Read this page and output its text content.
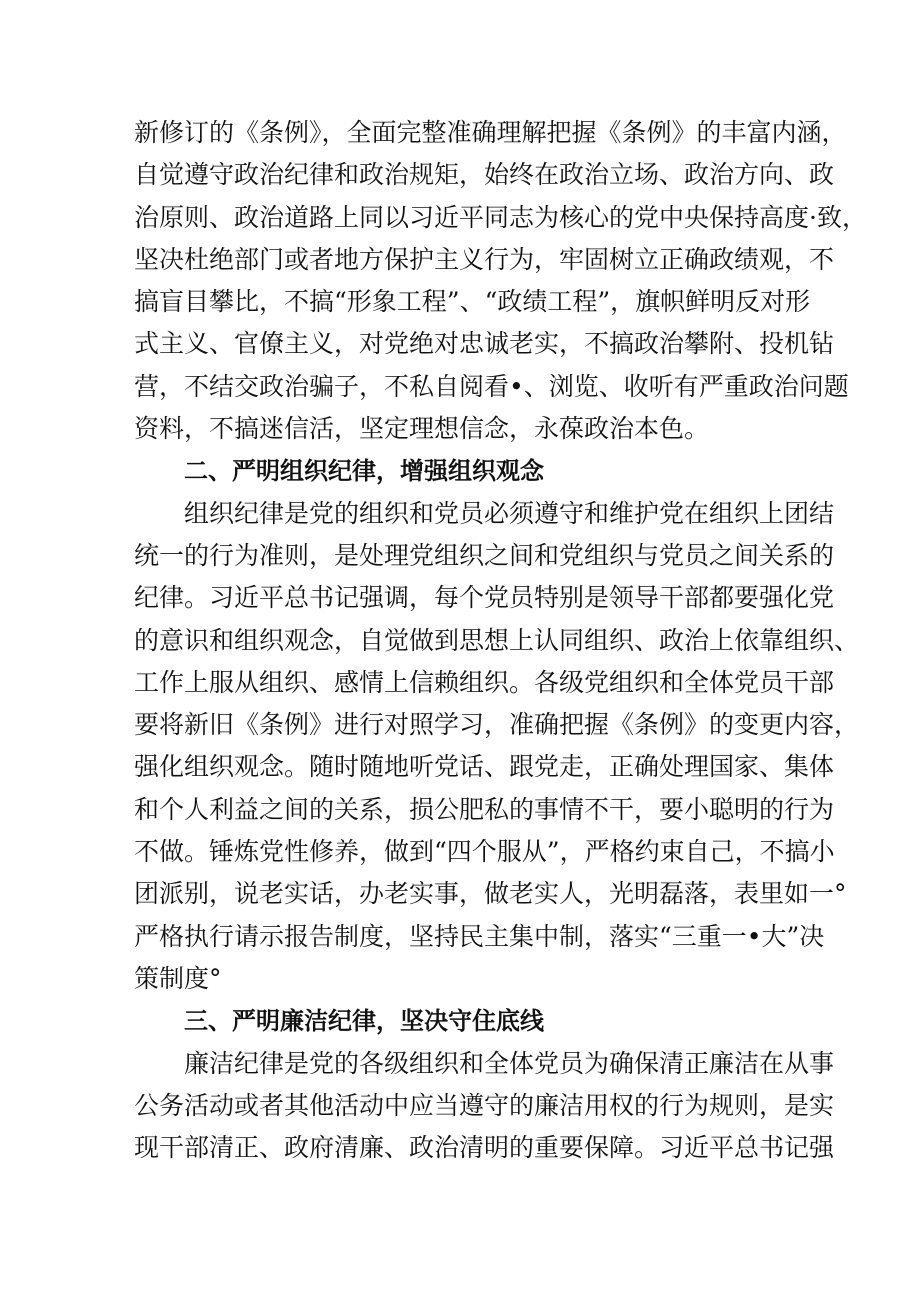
新修订的《条例》，全面完整准确理解把握《条例》的丰富内涵，
自觉遵守政治纪律和政治规矩，始终在政治立场、政治方向、政
治原则、政治道路上同以习近平同志为核心的党中央保持高度·致，
坚决杜绝部门或者地方保护主义行为，牢固树立正确政绩观，不
搞盲目攀比，不搞“形象工程”、“政绩工程”，旗帜鲜明反对形
式主义、官僚主义，对党绝对忠诚老实，不搞政治攀附、投机钻
营，不结交政治骗子，不私自阅看•、浏览、收听有严重政治问题
资料，不搞迷信活，坚定理想信念，永葆政治本色。
二、严明组织纪律，增强组织观念
组织纪律是党的组织和党员必须遵守和维护党在组织上团结
统一的行为准则，是处理党组织之间和党组织与党员之间关系的
纪律。习近平总书记强调，每个党员特别是领导干部都要强化党
的意识和组织观念，自觉做到思想上认同组织、政治上依靠组织、
工作上服从组织、感情上信赖组织。各级党组织和全体党员干部
要将新旧《条例》进行对照学习，准确把握《条例》的变更内容，
强化组织观念。随时随地听党话、跟党走，正确处理国家、集体
和个人利益之间的关系，损公肥私的事情不干，要小聪明的行为
不做。锤炼党性修养，做到“四个服从”，严格约束自己，不搞小
团派别，说老实话，办老实事，做老实人，光明磊落，表里如一°
严格执行请示报告制度，坚持民主集中制，落实“三重一•大”决
策制度°
三、严明廉洁纪律，坚决守住底线
廉洁纪律是党的各级组织和全体党员为确保清正廉洁在从事
公务活动或者其他活动中应当遵守的廉洁用权的行为规则，是实
现干部清正、政府清廉、政治清明的重要保障。习近平总书记强
